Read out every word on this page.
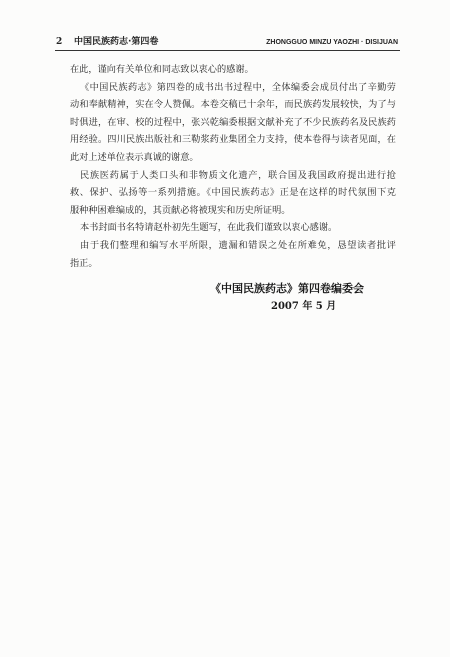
2 中国民族药志·第四卷	ZHONGGUO MINZU YAOZHI · DISIJUAN
在此，谨向有关单位和同志致以衷心的感谢。
《中国民族药志》第四卷的成书出书过程中，全体编委会成员付出了辛勤劳
动和奉献精神，实在令人赞佩。本卷交稿已十余年，而民族药发展较快，为了与
时俱进，在审、校的过程中，张兴乾编委根据文献补充了不少民族药名及民族药
用经验。四川民族出版社和三勒浆药业集团全力支持，使本卷得与读者见面，在
此对上述单位表示真诚的谢意。
民族医药属于人类口头和非物质文化遗产，联合国及我国政府提出进行抢
救、保护、弘扬等一系列措施。《中国民族药志》正是在这样的时代氛围下克
服种种困难编成的，其贡献必将被现实和历史所证明。
本书封面书名特请赵朴初先生题写，在此我们谨致以衷心感谢。
由于我们整理和编写水平所限，遗漏和错误之处在所难免，恳望读者批评
指正。
《中国民族药志》第四卷编委会
2007 年 5 月
